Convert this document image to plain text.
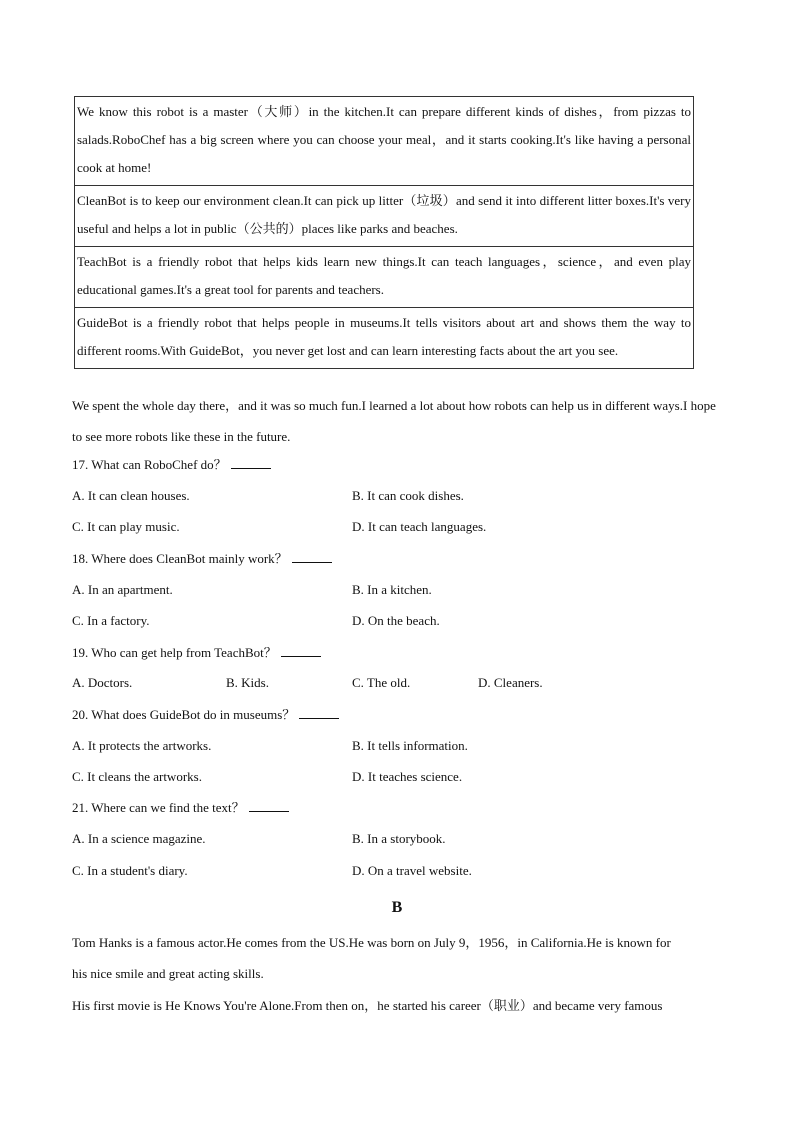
We know this robot is a master（大师）in the kitchen.It can prepare different kinds of dishes，from pizzas to salads.RoboChef has a big screen where you can choose your meal，and it starts cooking.It's like having a personal cook at home!
CleanBot is to keep our environment clean.It can pick up litter（垃圾）and send it into different litter boxes.It's very useful and helps a lot in public（公共的）places like parks and beaches.
TeachBot is a friendly robot that helps kids learn new things.It can teach languages，science，and even play educational games.It's a great tool for parents and teachers.
GuideBot is a friendly robot that helps people in museums.It tells visitors about art and shows them the way to different rooms.With GuideBot，you never get lost and can learn interesting facts about the art you see.
We spent the whole day there，and it was so much fun.I learned a lot about how robots can help us in different ways.I hope to see more robots like these in the future.
17. What can RoboChef do？
A. It can clean houses.	B. It can cook dishes.
C. It can play music.	D. It can teach languages.
18. Where does CleanBot mainly work？
A. In an apartment.	B. In a kitchen.
C. In a factory.	D. On the beach.
19. Who can get help from TeachBot？
A. Doctors.	B. Kids.	C. The old.	D. Cleaners.
20. What does GuideBot do in museums？
A. It protects the artworks.	B. It tells information.
C. It cleans the artworks.	D. It teaches science.
21. Where can we find the text？
A. In a science magazine.	B. In a storybook.
C. In a student's diary.	D. On a travel website.
B
Tom Hanks is a famous actor.He comes from the US.He was born on July 9，1956，in California.He is known for
his nice smile and great acting skills.
His first movie is He Knows You're Alone.From then on，he started his career（职业）and became very famous
